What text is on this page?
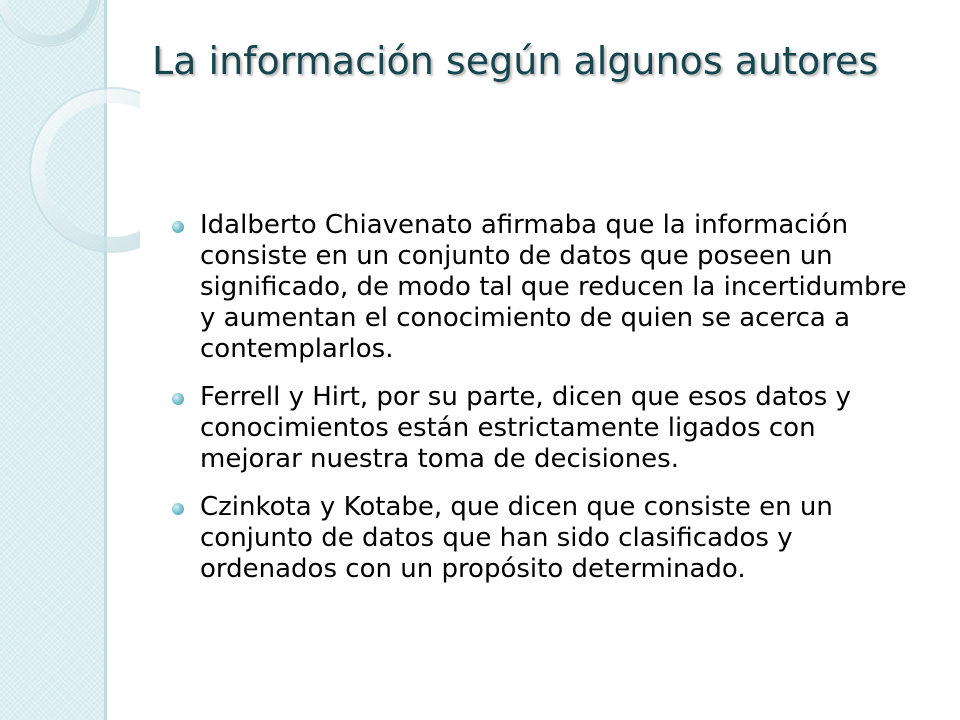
La información según algunos autores
Idalberto Chiavenato afirmaba que la información consiste en un conjunto de datos que poseen un significado, de modo tal que reducen la incertidumbre y aumentan el conocimiento de quien se acerca a contemplarlos.
Ferrell y Hirt, por su parte, dicen que esos datos y conocimientos están estrictamente ligados con mejorar nuestra toma de decisiones.
Czinkota y Kotabe, que dicen que consiste en un conjunto de datos que han sido clasificados y ordenados con un propósito determinado.
